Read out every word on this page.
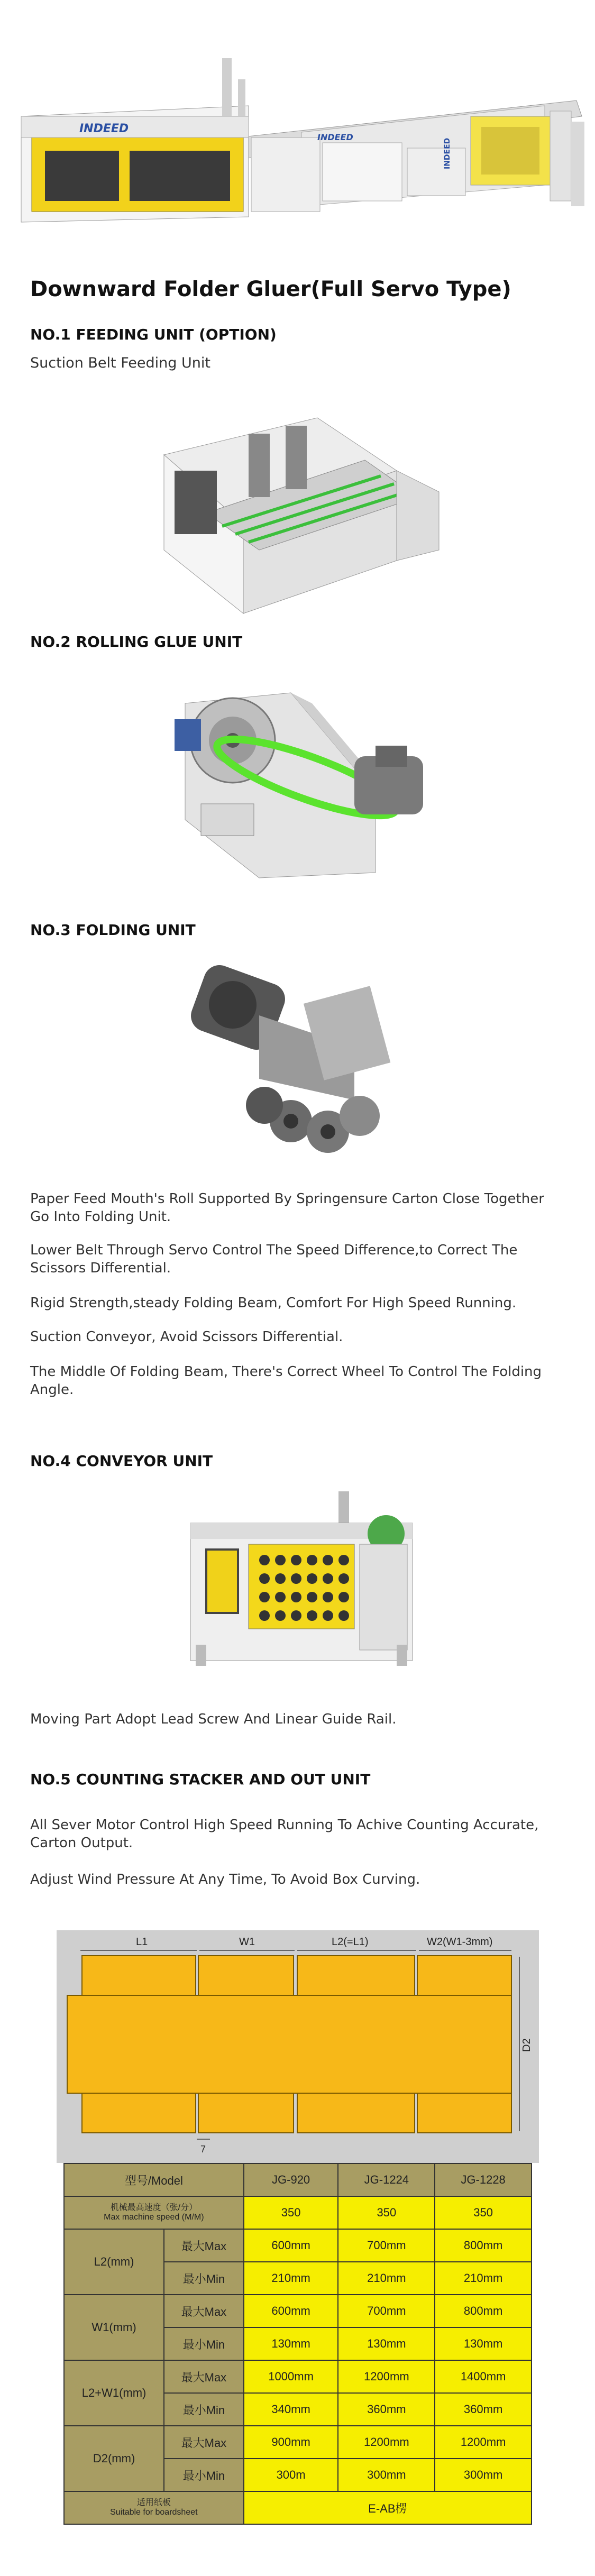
INDEED
INDEED
INDEED
Downward Folder Gluer(Full Servo Type)
NO.1 FEEDING UNIT (OPTION)
Suction Belt Feeding Unit
NO.2 ROLLING GLUE UNIT
NO.3 FOLDING UNIT
Paper Feed Mouth's Roll Supported By Springensure Carton Close Together Go Into Folding Unit.
Lower Belt Through Servo Control The Speed Difference,to Correct The Scissors Differential.
Rigid Strength,steady Folding Beam, Comfort For High Speed Running.
Suction Conveyor, Avoid Scissors Differential.
The Middle Of Folding Beam, There's Correct Wheel To Control The Folding Angle.
NO.4 CONVEYOR UNIT
Moving Part Adopt Lead Screw And Linear Guide Rail.
NO.5 COUNTING STACKER AND OUT UNIT
All Sever Motor Control High Speed Running To Achive Counting Accurate, Carton Output.
Adjust Wind Pressure At Any Time, To Avoid Box Curving.
L1	W1	L2(=L1)	W2(W1-3mm)
D2
7
型号/Model		JG-920	JG-1224	JG-1228

机械最高速度（张/分）
Max machine speed (M/M)		350	350	350
L2(mm)	最大Max	600mm	700mm	800mm
	最小Min	210mm	210mm	210mm
W1(mm)	最大Max	600mm	700mm	800mm
	最小Min	130mm	130mm	130mm
L2+W1(mm)	最大Max	1000mm	1200mm	1400mm
	最小Min	340mm	360mm	360mm
D2(mm)	最大Max	900mm	1200mm	1200mm
	最小Min	300m	300mm	300mm

适用纸板
Suitable for boardsheet		E-AB楞		
